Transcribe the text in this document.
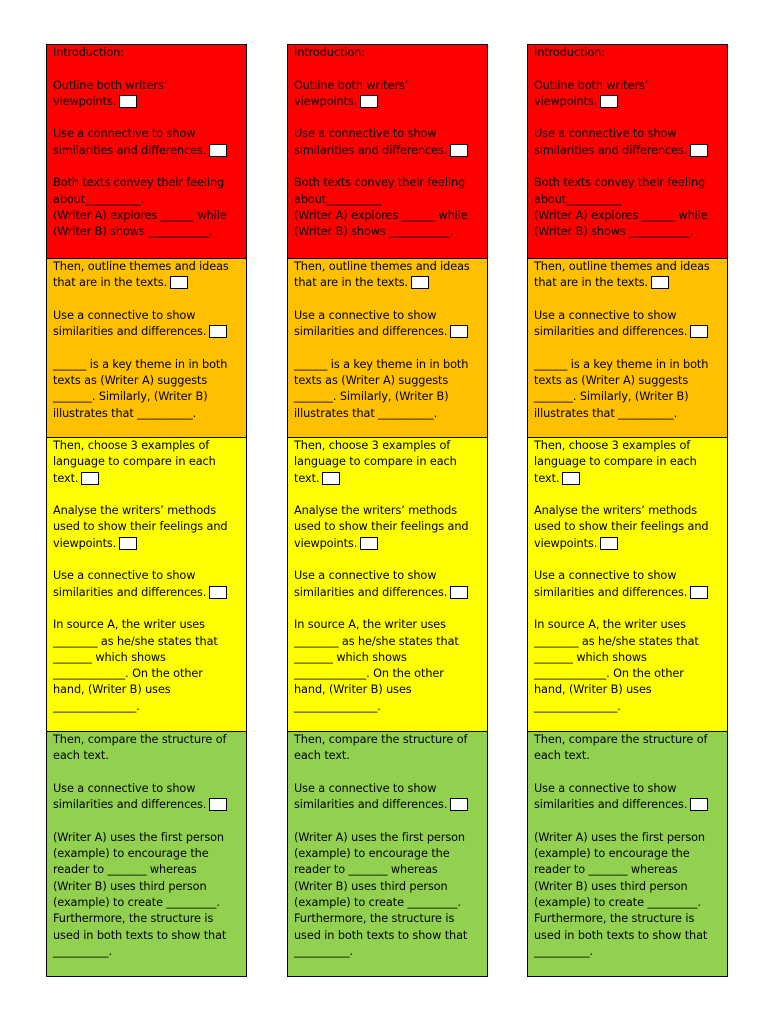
Introduction:
Outline both writers’
viewpoints.
Use a connective to show
similarities and differences.
Both texts convey their feeling
about__________.
(Writer A) explores ______ while
(Writer B) shows ___________.
Then, outline themes and ideas
that are in the texts.
Use a connective to show
similarities and differences.
______ is a key theme in in both
texts as (Writer A) suggests
_______. Similarly, (Writer B)
illustrates that __________.
Then, choose 3 examples of
language to compare in each
text.
Analyse the writers’ methods
used to show their feelings and
viewpoints.
Use a connective to show
similarities and differences.
In source A, the writer uses
________ as he/she states that
_______ which shows
_____________. On the other
hand, (Writer B) uses
_______________.
Then, compare the structure of
each text.
Use a connective to show
similarities and differences.
(Writer A) uses the first person
(example) to encourage the
reader to _______ whereas
(Writer B) uses third person
(example) to create _________.
Furthermore, the structure is
used in both texts to show that
__________.
Introduction:
Outline both writers’
viewpoints.
Use a connective to show
similarities and differences.
Both texts convey their feeling
about__________.
(Writer A) explores ______ while
(Writer B) shows ___________.
Then, outline themes and ideas
that are in the texts.
Use a connective to show
similarities and differences.
______ is a key theme in in both
texts as (Writer A) suggests
_______. Similarly, (Writer B)
illustrates that __________.
Then, choose 3 examples of
language to compare in each
text.
Analyse the writers’ methods
used to show their feelings and
viewpoints.
Use a connective to show
similarities and differences.
In source A, the writer uses
________ as he/she states that
_______ which shows
_____________. On the other
hand, (Writer B) uses
_______________.
Then, compare the structure of
each text.
Use a connective to show
similarities and differences.
(Writer A) uses the first person
(example) to encourage the
reader to _______ whereas
(Writer B) uses third person
(example) to create _________.
Furthermore, the structure is
used in both texts to show that
__________.
Introduction:
Outline both writers’
viewpoints.
Use a connective to show
similarities and differences.
Both texts convey their feeling
about__________.
(Writer A) explores ______ while
(Writer B) shows ___________.
Then, outline themes and ideas
that are in the texts.
Use a connective to show
similarities and differences.
______ is a key theme in in both
texts as (Writer A) suggests
_______. Similarly, (Writer B)
illustrates that __________.
Then, choose 3 examples of
language to compare in each
text.
Analyse the writers’ methods
used to show their feelings and
viewpoints.
Use a connective to show
similarities and differences.
In source A, the writer uses
________ as he/she states that
_______ which shows
_____________. On the other
hand, (Writer B) uses
_______________.
Then, compare the structure of
each text.
Use a connective to show
similarities and differences.
(Writer A) uses the first person
(example) to encourage the
reader to _______ whereas
(Writer B) uses third person
(example) to create _________.
Furthermore, the structure is
used in both texts to show that
__________.
